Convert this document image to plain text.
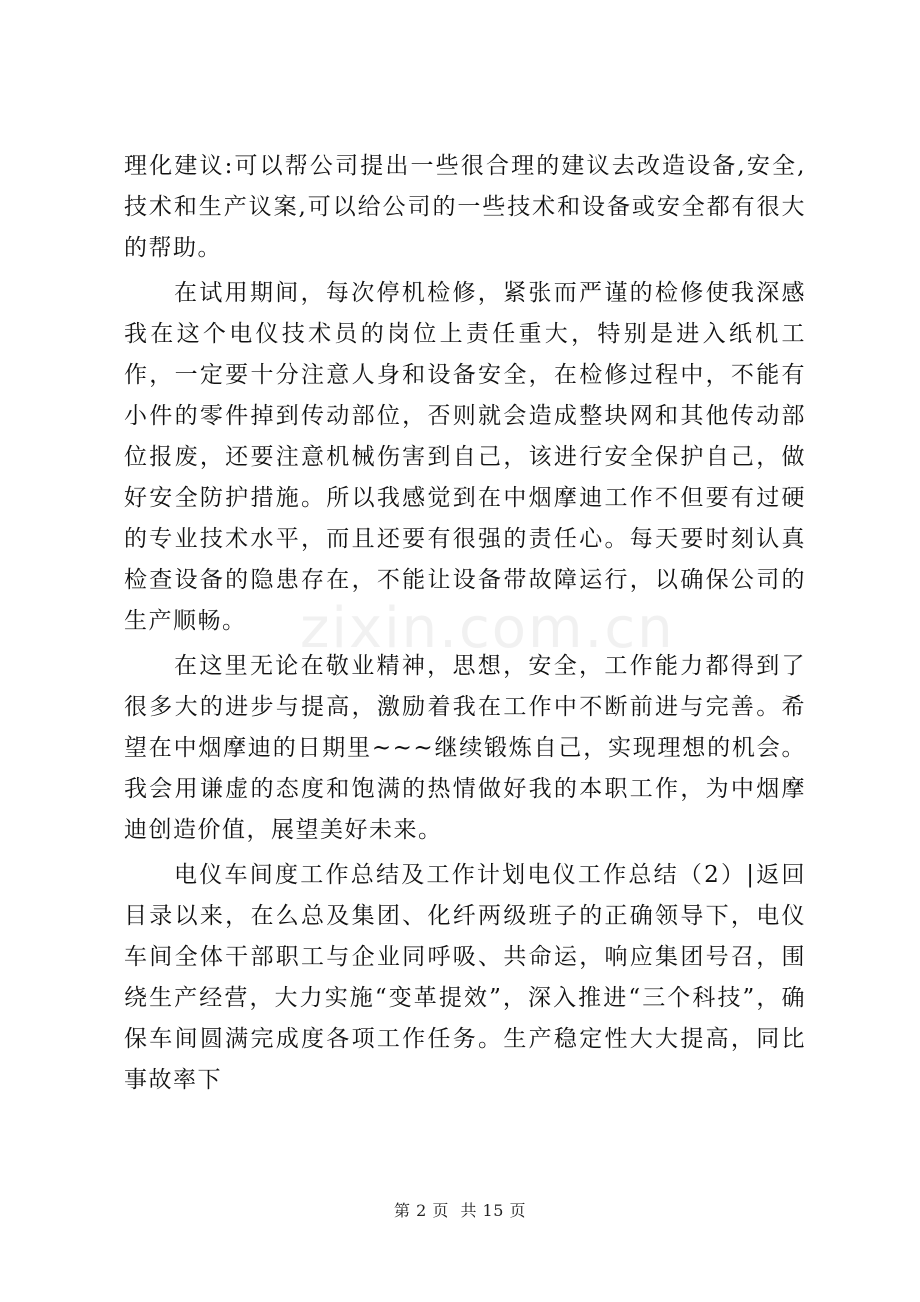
zixin.com.cn

理化建议:可以帮公司提出一些很合理的建议去改造设备,安全,技术和生产议案,可以给公司的一些技术和设备或安全都有很大的帮助。

在试用期间，每次停机检修，紧张而严谨的检修使我深感我在这个电仪技术员的岗位上责任重大，特别是进入纸机工作，一定要十分注意人身和设备安全，在检修过程中，不能有小件的零件掉到传动部位，否则就会造成整块网和其他传动部位报废，还要注意机械伤害到自己，该进行安全保护自己，做好安全防护措施。所以我感觉到在中烟摩迪工作不但要有过硬的专业技术水平，而且还要有很强的责任心。每天要时刻认真检查设备的隐患存在，不能让设备带故障运行，以确保公司的生产顺畅。

在这里无论在敬业精神，思想，安全，工作能力都得到了很多大的进步与提高，激励着我在工作中不断前进与完善。希望在中烟摩迪的日期里~~~继续锻炼自己，实现理想的机会。我会用谦虚的态度和饱满的热情做好我的本职工作，为中烟摩迪创造价值，展望美好未来。

电仪车间度工作总结及工作计划电仪工作总结（2）|返回目录以来，在么总及集团、化纤两级班子的正确领导下，电仪车间全体干部职工与企业同呼吸、共命运，响应集团号召，围绕生产经营，大力实施“变革提效”，深入推进“三个科技”，确保车间圆满完成度各项工作任务。生产稳定性大大提高，同比事故率下

第 2 页 共 15 页
